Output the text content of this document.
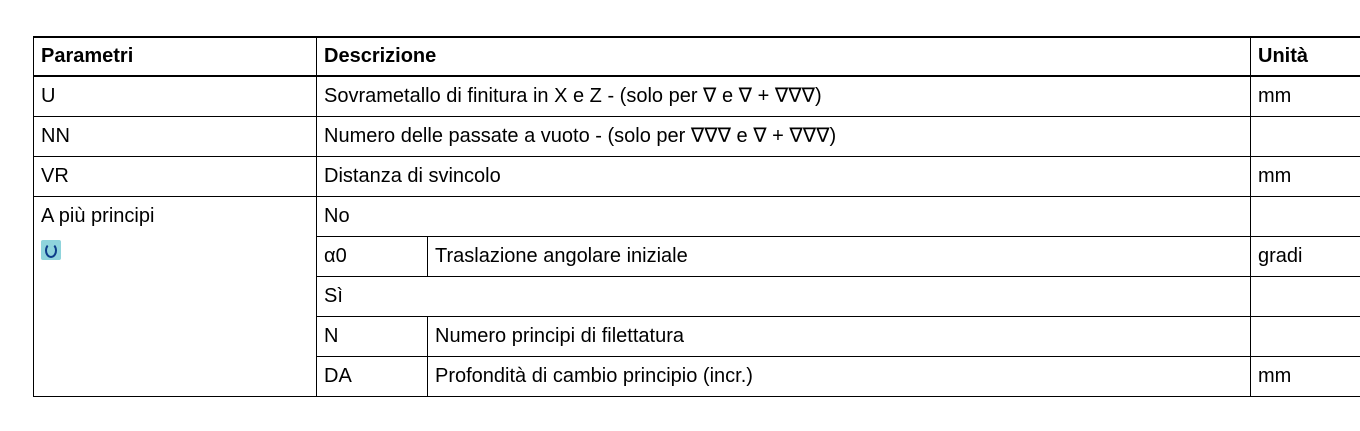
Parametri	Descrizione		Unità
U	Sovrametallo di finitura in X e Z - (solo per ∇ e ∇ + ∇∇∇)		mm
NN	Numero delle passate a vuoto - (solo per ∇∇∇ e ∇ + ∇∇∇)		
VR	Distanza di svincolo		mm

A più principi	No		
	α0	Traslazione angolare iniziale	gradi
	Sì		
	N	Numero principi di filettatura	
	DA	Profondità di cambio principio (incr.)	mm
